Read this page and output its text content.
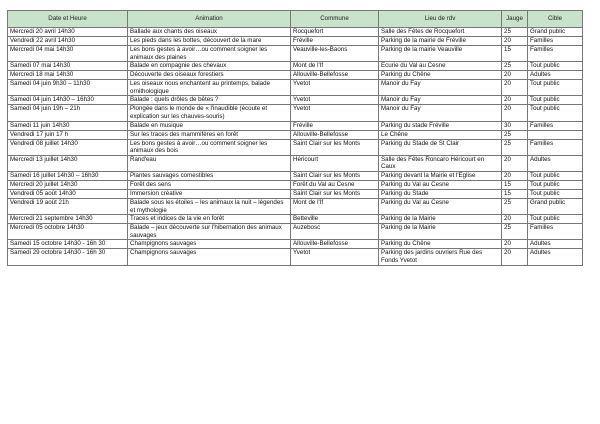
Date et Heure	Animation	Commune	Lieu de rdv	Jauge	Cible
Mercredi 20 avril 14h30	Ballade aux chants des oiseaux	Rocquefort	Salle des Fêtes de Rocquefort	25	Grand public
Vendredi 22 avril 14h30	Les pieds dans les bottes, découvert de la mare	Fréville	Parking de la mairie de Fréville	20	Familles
Mercredi 04 mai 14h30	Les bons gestes à avoir…ou comment soigner les animaux des plaines	Veauville-les-Baons	Parking de la mairie Veauville	15	Familles
Samedi 07 mai 14h30	Balade en compagnie des chevaux	Mont de l'If	Ecurie du Val au Cesne	25	Tout public
Mercredi 18 mai 14h30	Découverte des oiseaux forestiers	Allouville-Bellefosse	Parking du Chêne	20	Adultes
Samedi 04 juin 9h30 – 11h30	Les oiseaux nous enchantent au printemps, balade ornithologique	Yvetot	Manoir du Fay	20	Tout public
Samedi 04 juin 14h30 – 16h30	Balade : quels drôles de bêtes ?	Yvetot	Manoir du Fay	20	Tout public
Samedi 04 juin 19h – 21h	Plongée dans le monde de « l'inaudible (écoute et explication sur les chauves-souris)	Yvetot	Manoir du Fay	20	Tout public
Samedi 11 juin 14h30	Balade en musique	Fréville	Parking du stade Fréville	30	Familles
Vendredi 17 juin 17 h	Sur les traces des mammifères en forêt	Allouville-Bellefosse	Le Chêne	25	
Vendredi 08 juillet 14h30	Les bons gestes à avoir…ou comment soigner les animaux des bois	Saint Clair sur les Monts	Parking du Stade de St Clair	25	Familles
Mercredi 13 juillet 14h30	Rand'eau	Héricourt	Salle des Fêtes Roncaro Héricourt en Caux	20	Adultes
Samedi 16 juillet 14h30 – 16h30	Plantes sauvages comestibles	Saint Clair sur les Monts	Parking devant la Mairie et l'Eglise	20	Tout public
Mercredi 20 juillet 14h30	Forêt des sens	Forêt du Val au Cesne	Parking du Val au Cesne	15	Tout public
Vendredi 05 août 14h30	Immersion créative	Saint Clair sur les Monts	Parking du Stade	15	Tout public
Vendredi 19 août 21h	Balade sous les étoiles – les animaux la nuit – légendes et mythologie	Mont de l'If	Parking du Val au Cesne	25	Grand public
Mercredi 21 septembre 14h30	Traces et indices de la vie en forêt	Betteville	Parking de la Mairie	20	Tout public
Mercredi 05 octobre 14h30	Balade – jeux découverte sur l'hibernation des animaux sauvages	Auzebosc	Parking de la Mairie	25	Familles
Samedi 15 octobre 14h30 - 16h 30	Champignons sauvages	Allouville-Bellefosse	Parking du Chêne	20	Adultes
Samedi 29 octobre 14h30 - 16h 30	Champignons sauvages	Yvetot	Parking des jardins ouvriers Rue des Fonds Yvetot	20	Adultes
